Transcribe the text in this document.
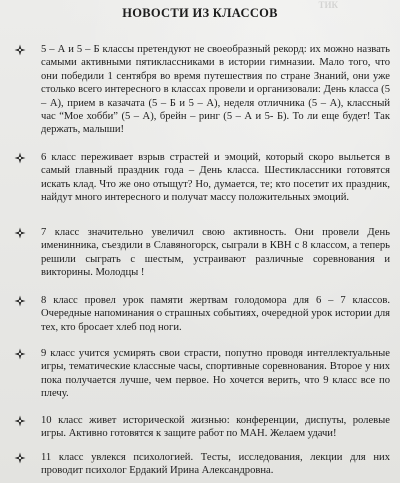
ТИК
НОВОСТИ ИЗ КЛАССОВ

5 – А и 5 – Б классы претендуют не своеобразный рекорд: их можно назвать самыми активными пятиклассниками в истории гимназии. Мало того, что они победили 1 сентября во время путешествия по стране Знаний, они уже столько всего интересного в классах провели и организовали: День класса (5 – А), прием в казачата (5 – Б и 5 – А), неделя отличника (5 – А), классный час “Мое хобби” (5 – А), брейн – ринг (5 – А и 5- Б). То ли еще будет! Так держать, малыши!

6 класс переживает взрыв страстей и эмоций, который скоро выльется в самый главный праздник года – День класса. Шестиклассники готовятся искать клад. Что же оно отыщут? Но, думается, те; кто посетит их праздник, найдут много интересного и получат массу положительных эмоций.

7 класс значительно увеличил свою активность. Они провели День именинника, съездили в Славяногорск, сыграли в КВН с 8 классом, а теперь решили сыграть с шестым, устраивают различные соревнования и викторины. Молодцы !

8 класс провел урок памяти жертвам голодомора для 6 – 7 классов. Очередные напоминания о страшных событиях, очередной урок истории для тех, кто бросает хлеб под ноги.

9 класс учится усмирять свои страсти, попутно проводя интеллектуальные игры, тематические классные часы, спортивные соревнования. Второе у них пока получается лучше, чем первое. Но хочется верить, что 9 класс все по плечу.

10 класс живет исторической жизнью: конференции, диспуты, ролевые игры. Активно готовятся к защите работ по МАН. Желаем удачи!

11 класс увлекся психологией. Тесты, исследования, лекции для них проводит психолог Ердакий Ирина Александровна.
